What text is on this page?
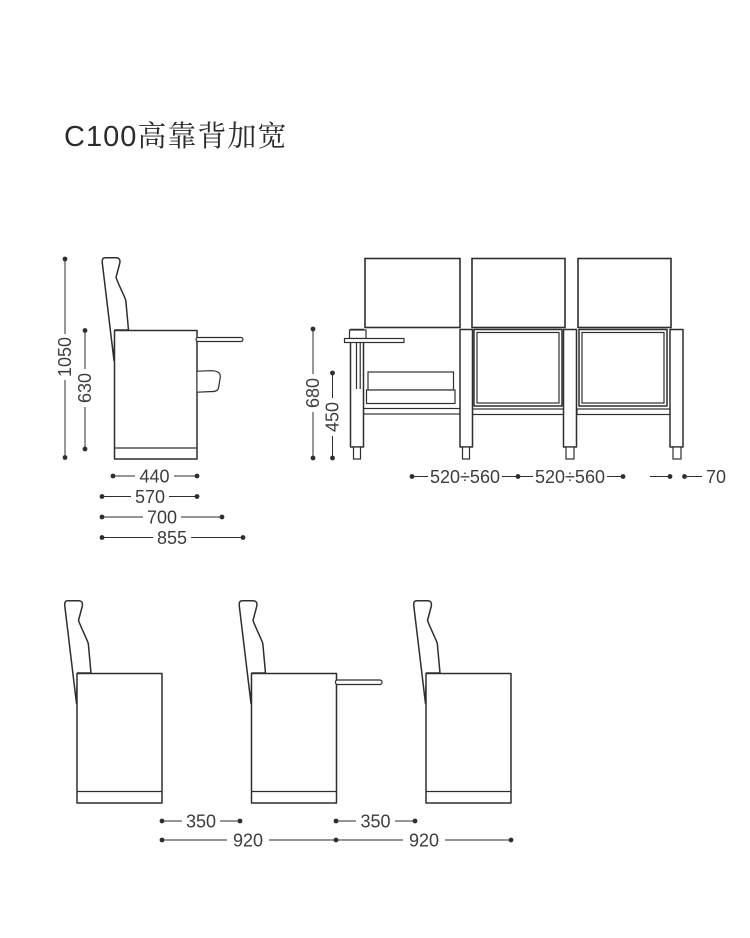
C100高靠背加宽
1050
630
440
570
700
855
680
450
520÷560 520÷560	70
350	350
920	920
